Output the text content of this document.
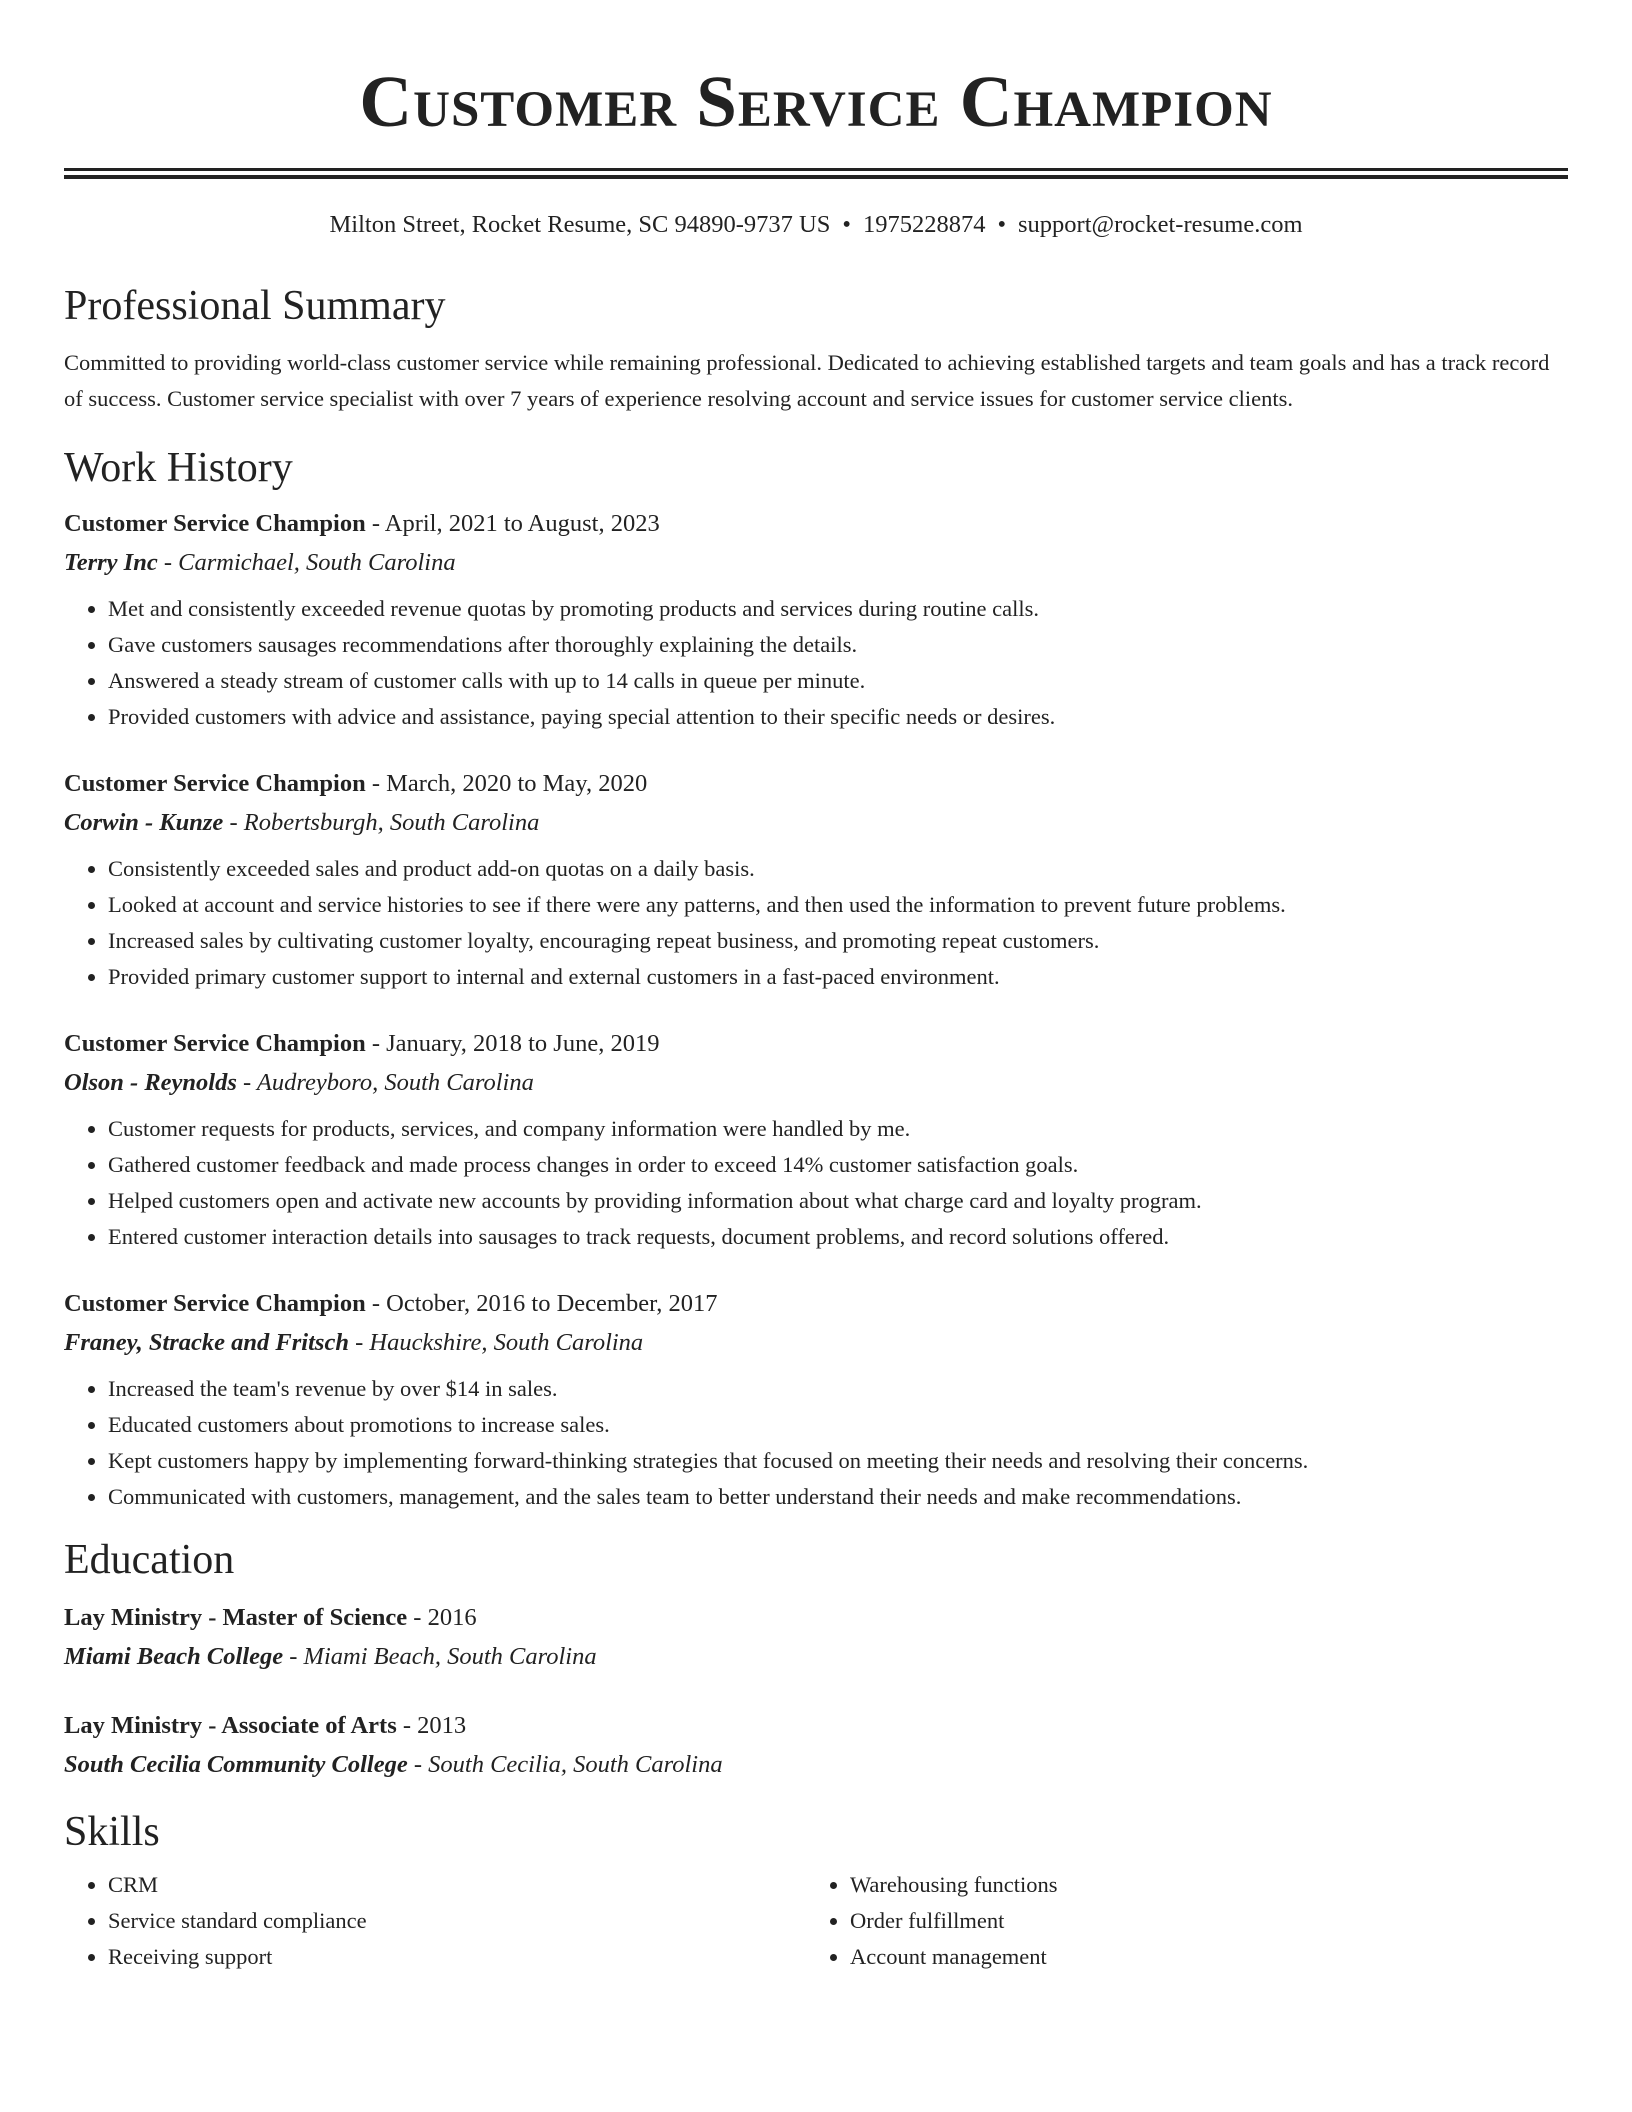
Customer Service Champion
Milton Street, Rocket Resume, SC 94890-9737 US • 1975228874 • support@rocket-resume.com
Professional Summary

Committed to providing world-class customer service while remaining professional. Dedicated to achieving established targets and team goals and has a track record of success. Customer service specialist with over 7 years of experience resolving account and service issues for customer service clients.

Work History
Customer Service Champion - April, 2021 to August, 2023
Terry Inc - Carmichael, South Carolina
• Met and consistently exceeded revenue quotas by promoting products and services during routine calls.
• Gave customers sausages recommendations after thoroughly explaining the details.
• Answered a steady stream of customer calls with up to 14 calls in queue per minute.
• Provided customers with advice and assistance, paying special attention to their specific needs or desires.
Customer Service Champion - March, 2020 to May, 2020
Corwin - Kunze - Robertsburgh, South Carolina
• Consistently exceeded sales and product add-on quotas on a daily basis.
• Looked at account and service histories to see if there were any patterns, and then used the information to prevent future problems.
• Increased sales by cultivating customer loyalty, encouraging repeat business, and promoting repeat customers.
• Provided primary customer support to internal and external customers in a fast-paced environment.
Customer Service Champion - January, 2018 to June, 2019
Olson - Reynolds - Audreyboro, South Carolina
• Customer requests for products, services, and company information were handled by me.
• Gathered customer feedback and made process changes in order to exceed 14% customer satisfaction goals.
• Helped customers open and activate new accounts by providing information about what charge card and loyalty program.
• Entered customer interaction details into sausages to track requests, document problems, and record solutions offered.
Customer Service Champion - October, 2016 to December, 2017
Franey, Stracke and Fritsch - Hauckshire, South Carolina
• Increased the team's revenue by over $14 in sales.
• Educated customers about promotions to increase sales.
• Kept customers happy by implementing forward-thinking strategies that focused on meeting their needs and resolving their concerns.
• Communicated with customers, management, and the sales team to better understand their needs and make recommendations.
Education
Lay Ministry - Master of Science - 2016
Miami Beach College - Miami Beach, South Carolina
Lay Ministry - Associate of Arts - 2013
South Cecilia Community College - South Cecilia, South Carolina
Skills
• CRM
• Service standard compliance
• Receiving support
• Warehousing functions
• Order fulfillment
• Account management
